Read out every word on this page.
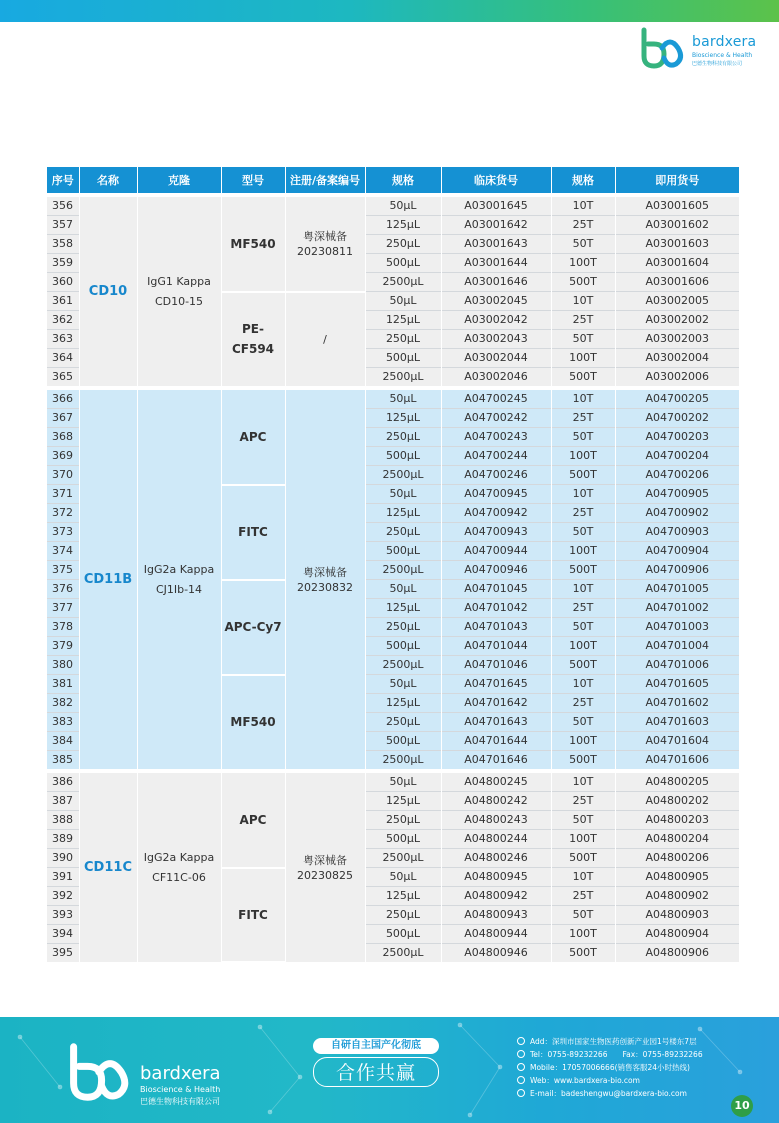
bardxera
Bioscience & Health
巴德生物科技有限公司
序号	名称	克隆	型号	注册/备案编号	规格	临床货号	规格	即用货号
356	CD10	IgG1 Kappa CD10-15	MF540	粤深械备 20230811	50μL	A03001645	10T	A03001605
357					125μL	A03001642	25T	A03001602
358					250μL	A03001643	50T	A03001603
359					500μL	A03001644	100T	A03001604
360					2500μL	A03001646	500T	A03001606
361			PE-CF594	/	50μL	A03002045	10T	A03002005
362					125μL	A03002042	25T	A03002002
363					250μL	A03002043	50T	A03002003
364					500μL	A03002044	100T	A03002004
365					2500μL	A03002046	500T	A03002006
366	CD11B	IgG2a Kappa CJ1Ib-14	APC	粤深械备 20230832	50μL	A04700245	10T	A04700205
367					125μL	A04700242	25T	A04700202
368					250μL	A04700243	50T	A04700203
369					500μL	A04700244	100T	A04700204
370					2500μL	A04700246	500T	A04700206
371			FITC		50μL	A04700945	10T	A04700905
372					125μL	A04700942	25T	A04700902
373					250μL	A04700943	50T	A04700903
374					500μL	A04700944	100T	A04700904
375					2500μL	A04700946	500T	A04700906
376			APC-Cy7		50μL	A04701045	10T	A04701005
377					125μL	A04701042	25T	A04701002
378					250μL	A04701043	50T	A04701003
379					500μL	A04701044	100T	A04701004
380					2500μL	A04701046	500T	A04701006
381			MF540		50μL	A04701645	10T	A04701605
382					125μL	A04701642	25T	A04701602
383					250μL	A04701643	50T	A04701603
384					500μL	A04701644	100T	A04701604
385					2500μL	A04701646	500T	A04701606
386	CD11C	IgG2a Kappa CF11C-06	APC	粤深械备 20230825	50μL	A04800245	10T	A04800205
387					125μL	A04800242	25T	A04800202
388					250μL	A04800243	50T	A04800203
389					500μL	A04800244	100T	A04800204
390					2500μL	A04800246	500T	A04800206
391			FITC		50μL	A04800945	10T	A04800905
392					125μL	A04800942	25T	A04800902
393					250μL	A04800943	50T	A04800903
394					500μL	A04800944	100T	A04800904
395					2500μL	A04800946	500T	A04800906
bardxera
Bioscience & Health
巴德生物科技有限公司
自研自主国产化彻底
合作共赢
Add：深圳市国家生物医药创新产业园1号楼东7层
Tel：0755-89232266　　Fax：0755-89232266
Mobile：17057006666(销售客服24小时热线)
Web：www.bardxera-bio.com
E-mail：badeshengwu@bardxera-bio.com
10
